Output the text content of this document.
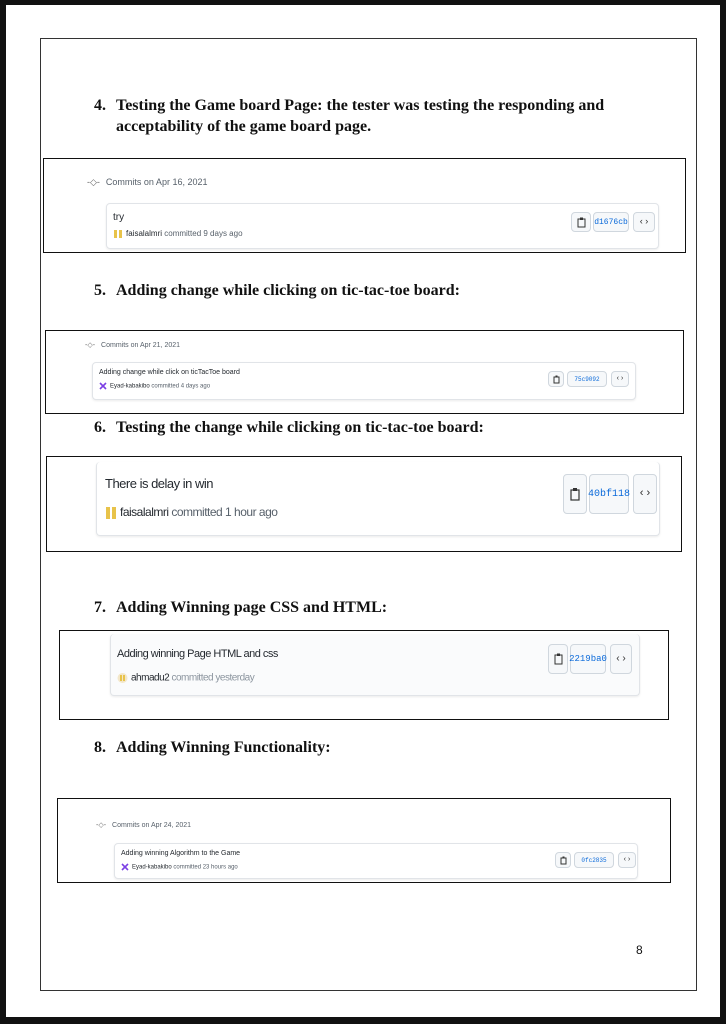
4. Testing the Game board Page: the tester was testing the responding and
acceptability of the game board page.
-◇- Commits on Apr 16, 2021
try
faisalalmri committed 9 days ago
d1676cb ‹›
5. Adding change while clicking on tic-tac-toe board:
-◇- Commits on Apr 21, 2021
Adding change while click on ticTacToe board
Eyad-kabakibo committed 4 days ago
75c9092	‹›
6. Testing the change while clicking on tic-tac-toe board:
There is delay in win
faisalalmri committed 1 hour ago
40bf118 ‹›
7. Adding Winning page CSS and HTML:
Adding winning Page HTML and css
ahmadu2 committed yesterday
2219ba0 ‹›
8. Adding Winning Functionality:
-◇- Commits on Apr 24, 2021
Adding winning Algorithm to the Game
Eyad-kabakibo committed 23 hours ago
0fc2835	‹›
8
